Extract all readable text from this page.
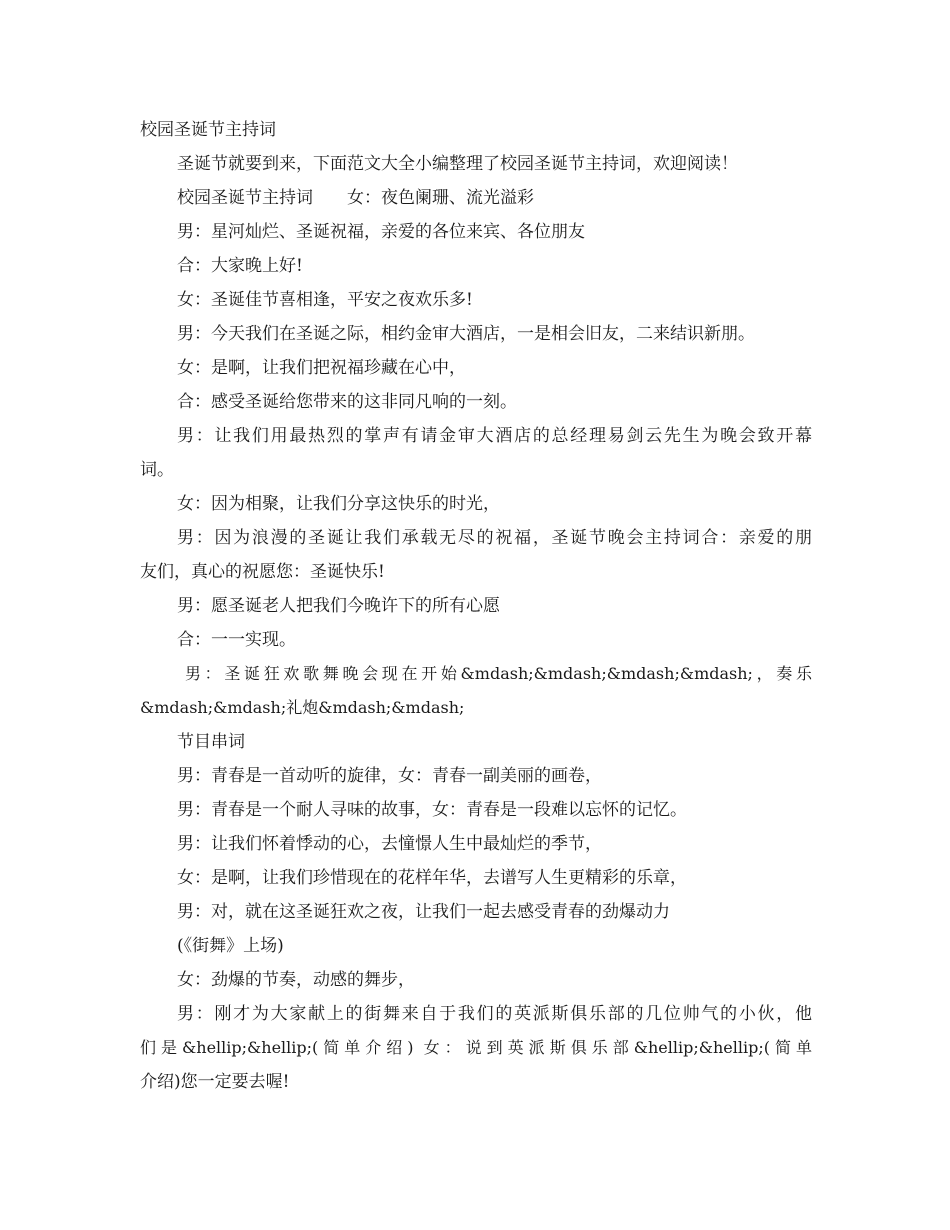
校园圣诞节主持词
圣诞节就要到来，下面范文大全小编整理了校园圣诞节主持词，欢迎阅读！
校园圣诞节主持词　　女：夜色阑珊、流光溢彩
男：星河灿烂、圣诞祝福，亲爱的各位来宾、各位朋友
合：大家晚上好!
女：圣诞佳节喜相逢，平安之夜欢乐多!
男：今天我们在圣诞之际，相约金审大酒店，一是相会旧友，二来结识新朋。
女：是啊，让我们把祝福珍藏在心中，
合：感受圣诞给您带来的这非同凡响的一刻。
男：让我们用最热烈的掌声有请金审大酒店的总经理易剑云先生为晚会致开幕
词。
女：因为相聚，让我们分享这快乐的时光，
男：因为浪漫的圣诞让我们承载无尽的祝福，圣诞节晚会主持词合：亲爱的朋
友们，真心的祝愿您：圣诞快乐!
男：愿圣诞老人把我们今晚许下的所有心愿
合：一一实现。
男：圣诞狂欢歌舞晚会现在开始&mdash;&mdash;&mdash;&mdash;，奏乐
&mdash;&mdash;礼炮&mdash;&mdash;
节目串词
男：青春是一首动听的旋律，女：青春一副美丽的画卷，
男：青春是一个耐人寻味的故事，女：青春是一段难以忘怀的记忆。
男：让我们怀着悸动的心，去憧憬人生中最灿烂的季节，
女：是啊，让我们珍惜现在的花样年华，去谱写人生更精彩的乐章，
男：对，就在这圣诞狂欢之夜，让我们一起去感受青春的劲爆动力
(《街舞》上场)
女：劲爆的节奏，动感的舞步，
男：刚才为大家献上的街舞来自于我们的英派斯俱乐部的几位帅气的小伙，他
们是&hellip;&hellip;(简单介绍) 女：说到英派斯俱乐部&hellip;&hellip;(简单
介绍)您一定要去喔!
